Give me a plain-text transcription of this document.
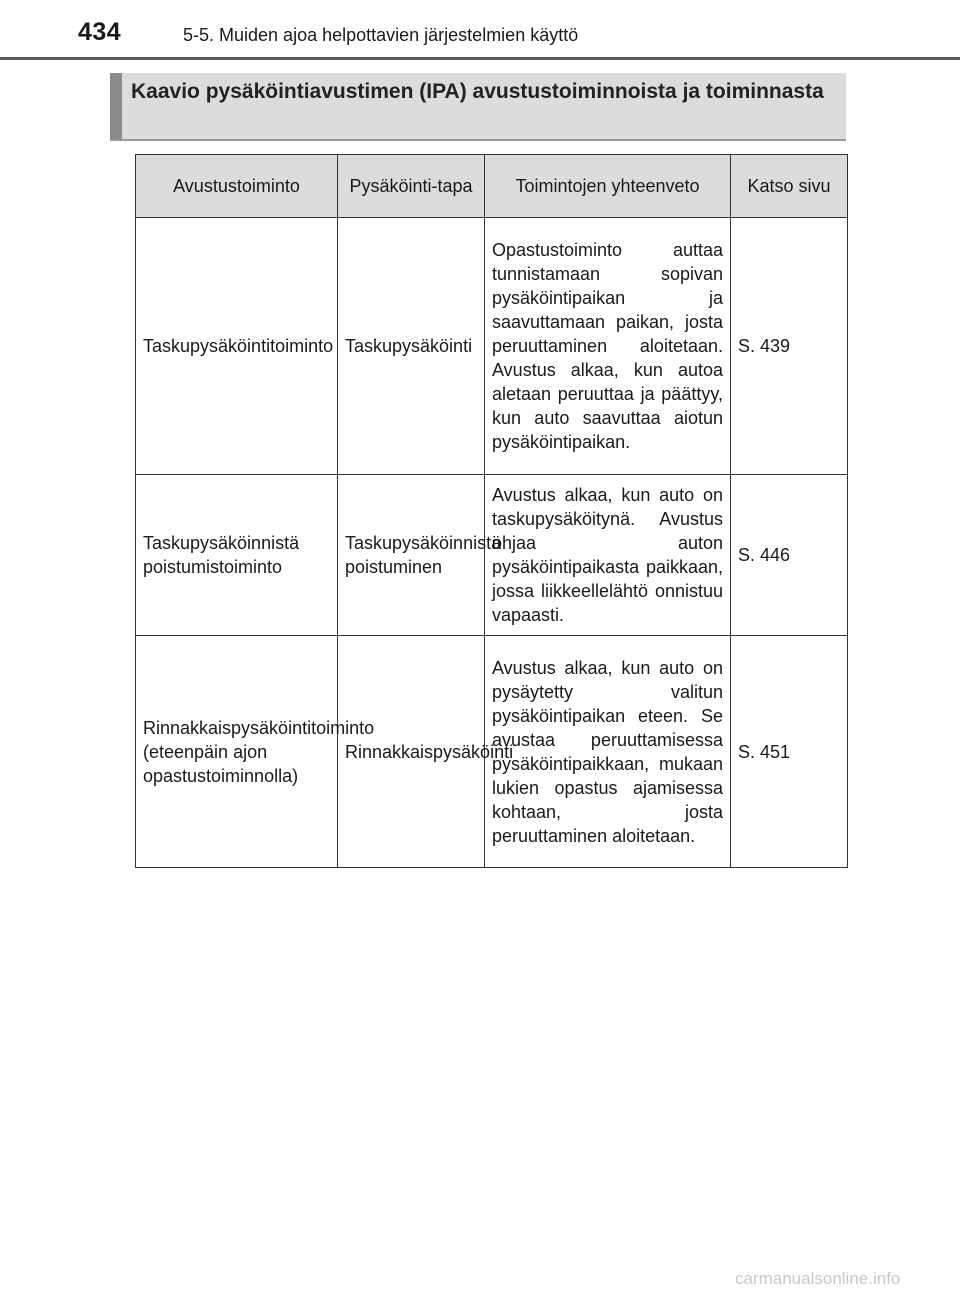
434	5-5. Muiden ajoa helpottavien järjestelmien käyttö
Kaavio pysäköintiavustimen (IPA) avustustoiminnoista ja toiminnasta
Avustustoiminto	Pysäköinti-tapa	Toimintojen yhteenveto	Katso sivu
Taskupysäköintitoiminto	Taskupysäköinti	Opastustoiminto auttaa tunnistamaan sopivan pysäköintipaikan ja saavuttamaan paikan, josta peruuttaminen aloitetaan. Avustus alkaa, kun autoa aletaan peruuttaa ja päättyy, kun auto saavuttaa aiotun pysäköintipaikan.	S. 439
Taskupysäköinnistä poistumistoiminto	Taskupysäköinnistä poistuminen	Avustus alkaa, kun auto on taskupysäköitynä. Avustus ohjaa auton pysäköintipaikasta paikkaan, jossa liikkeellelähtö onnistuu vapaasti.	S. 446
Rinnakkaispysäköintitoiminto (eteenpäin ajon opastustoiminnolla)	Rinnakkaispysäköinti	Avustus alkaa, kun auto on pysäytetty valitun pysäköintipaikan eteen. Se avustaa peruuttamisessa pysäköintipaikkaan, mukaan lukien opastus ajamisessa kohtaan, josta peruuttaminen aloitetaan.	S. 451
carmanualsonline.info
